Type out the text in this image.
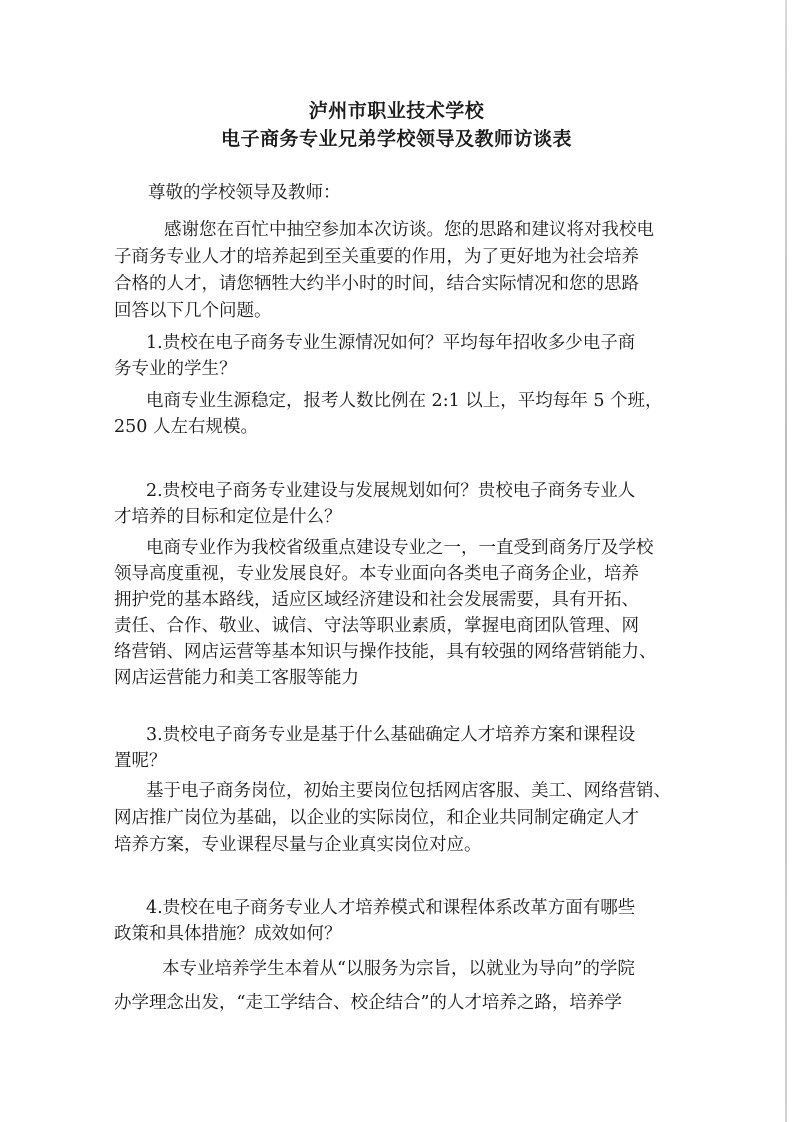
泸州市职业技术学校
电子商务专业兄弟学校领导及教师访谈表
尊敬的学校领导及教师：
感谢您在百忙中抽空参加本次访谈。您的思路和建议将对我校电
子商务专业人才的培养起到至关重要的作用，为了更好地为社会培养
合格的人才，请您牺牲大约半小时的时间，结合实际情况和您的思路
回答以下几个问题。
1.贵校在电子商务专业生源情况如何？平均每年招收多少电子商
务专业的学生？
电商专业生源稳定，报考人数比例在 2:1 以上，平均每年 5 个班，
250 人左右规模。
2.贵校电子商务专业建设与发展规划如何？贵校电子商务专业人
才培养的目标和定位是什么？
电商专业作为我校省级重点建设专业之一，一直受到商务厅及学校
领导高度重视，专业发展良好。本专业面向各类电子商务企业，培养
拥护党的基本路线，适应区域经济建设和社会发展需要，具有开拓、
责任、合作、敬业、诚信、守法等职业素质，掌握电商团队管理、网
络营销、网店运营等基本知识与操作技能，具有较强的网络营销能力、
网店运营能力和美工客服等能力
3.贵校电子商务专业是基于什么基础确定人才培养方案和课程设
置呢？
基于电子商务岗位，初始主要岗位包括网店客服、美工、网络营销、
网店推广岗位为基础，以企业的实际岗位，和企业共同制定确定人才
培养方案，专业课程尽量与企业真实岗位对应。
4.贵校在电子商务专业人才培养模式和课程体系改革方面有哪些
政策和具体措施？成效如何？
本专业培养学生本着从“以服务为宗旨，以就业为导向”的学院
办学理念出发，“走工学结合、校企结合”的人才培养之路，培养学
